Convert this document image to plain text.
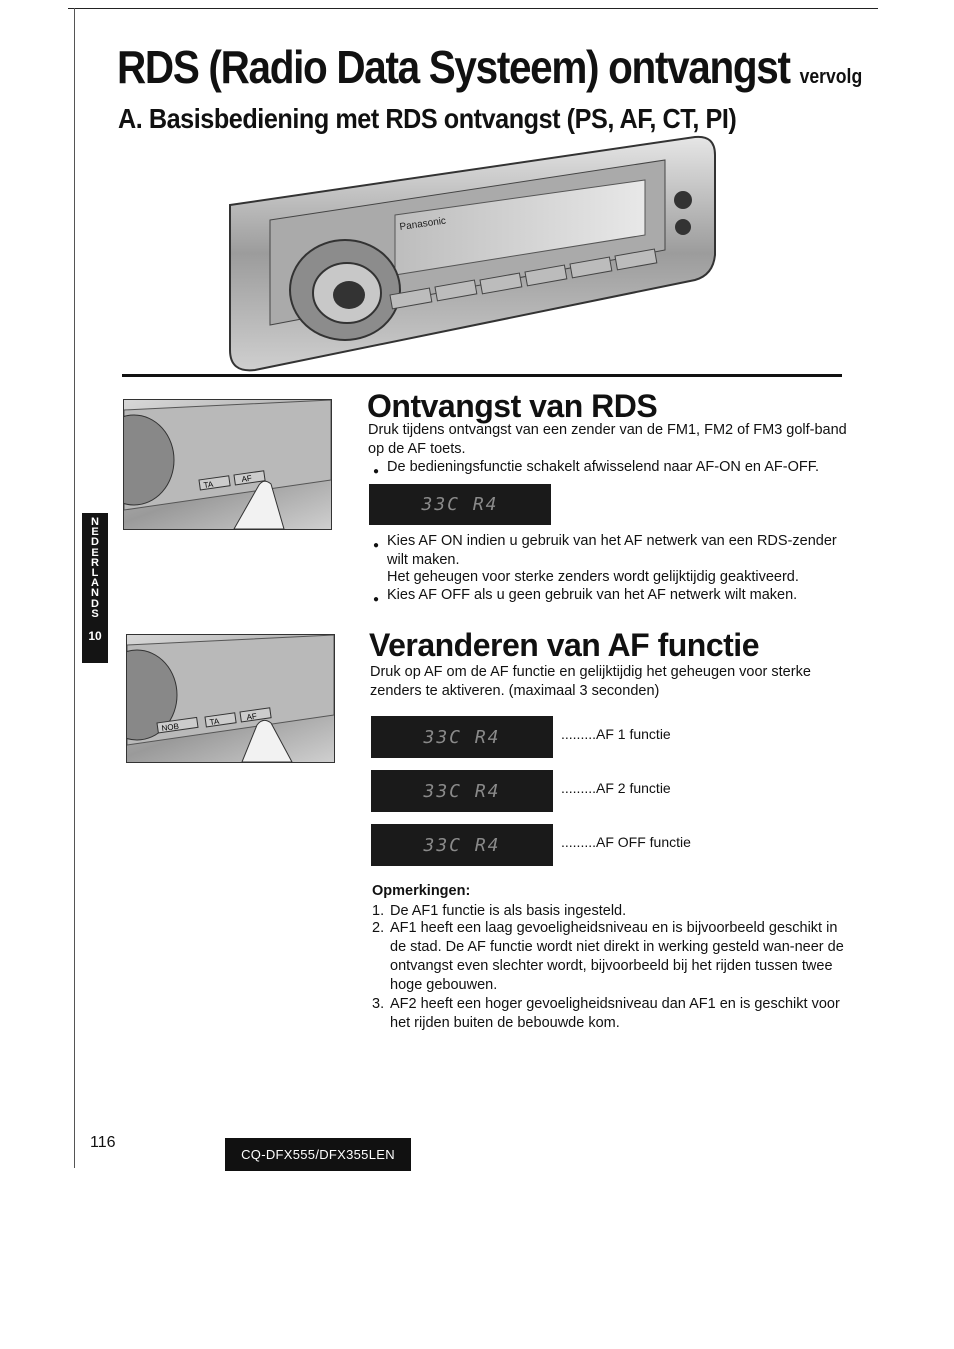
RDS (Radio Data Systeem) ontvangst vervolg
A. Basisbediening met RDS ontvangst (PS, AF, CT, PI)
Panasonic
TA
AF
Ontvangst van RDS
Druk tijdens ontvangst van een zender van de FM1, FM2 of FM3 golf-band op de AF toets.
● De bedieningsfunctie schakelt afwisselend naar AF-ON en AF-OFF.
33C R4
● Kies AF ON indien u gebruik van het AF netwerk van een RDS-zender wilt maken.
Het geheugen voor sterke zenders wordt gelijktijdig geaktiveerd.
● Kies AF OFF als u geen gebruik van het AF netwerk wilt maken.
N
E
D
E
R
L
A
N
D
S
10
NOB	TA	AF
Veranderen van AF functie
Druk op AF om de AF functie en gelijktijdig het geheugen voor sterke zenders te aktiveren. (maximaal 3 seconden)
33C R4	.........AF 1 functie
33C R4	.........AF 2 functie
33C R4	.........AF OFF functie
Opmerkingen:
1. De AF1 functie is als basis ingesteld.
2. AF1 heeft een laag gevoeligheidsniveau en is bijvoorbeeld geschikt in de stad. De AF functie wordt niet direkt in werking gesteld wan-neer de ontvangst even slechter wordt, bijvoorbeeld bij het rijden tussen twee hoge gebouwen.
3. AF2 heeft een hoger gevoeligheidsniveau dan AF1 en is geschikt voor het rijden buiten de bebouwde kom.
116
CQ-DFX555/DFX355LEN
